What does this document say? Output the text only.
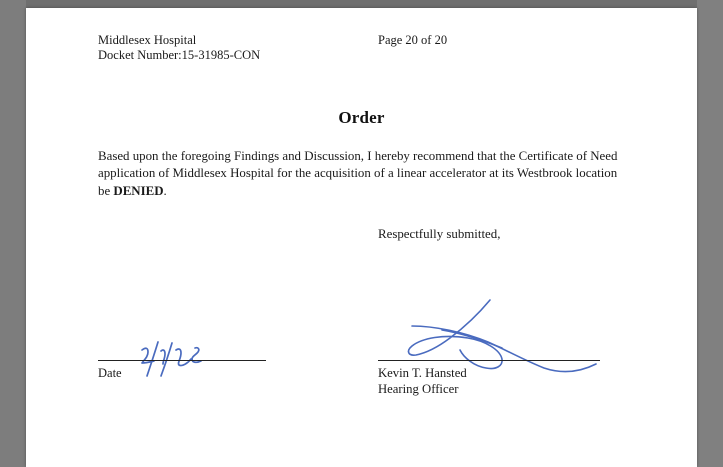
Middlesex Hospital
Docket Number:15-31985-CON
Page 20 of 20
Order
Based upon the foregoing Findings and Discussion, I hereby recommend that the Certificate of Need application of Middlesex Hospital for the acquisition of a linear accelerator at its Westbrook location be DENIED.
Respectfully submitted,
Date	Kevin T. Hansted
Hearing Officer
